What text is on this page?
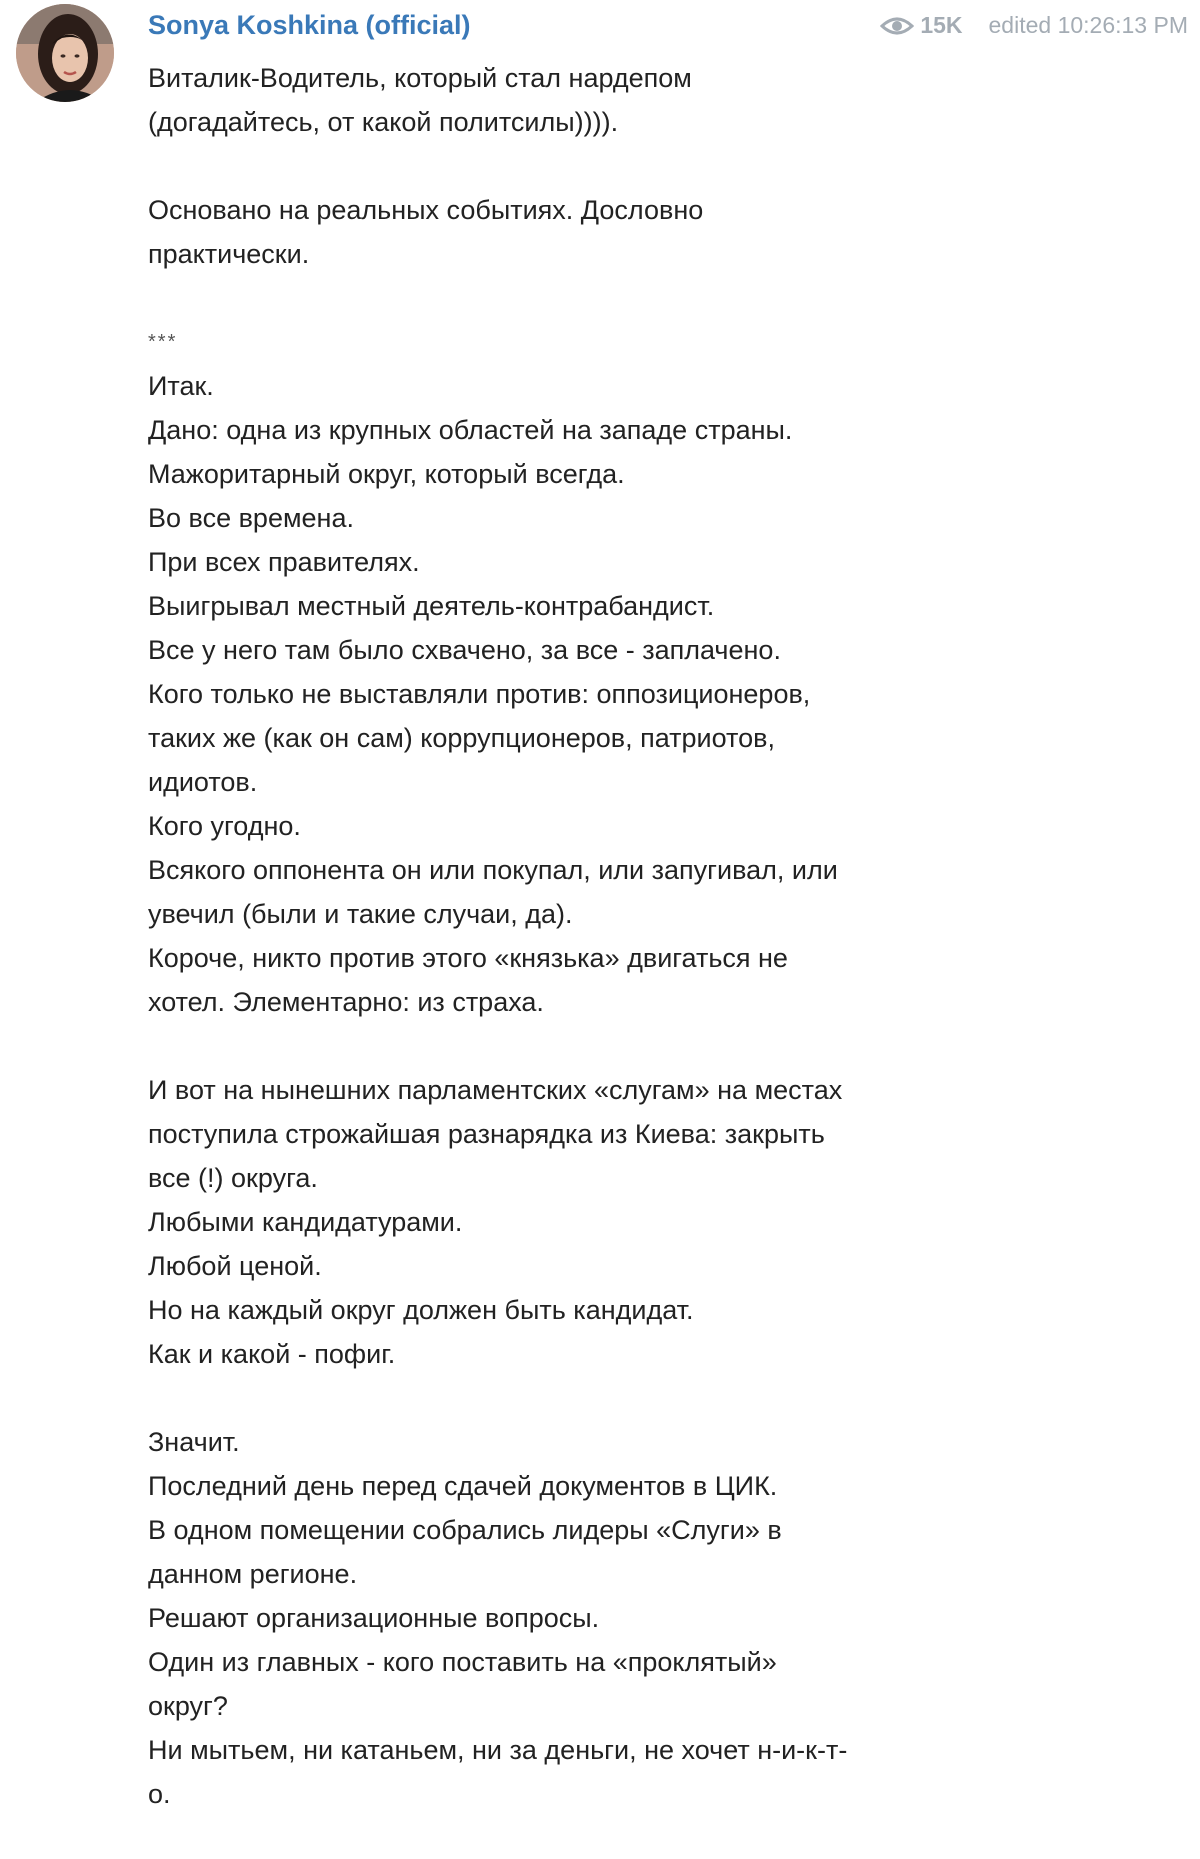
Sonya Koshkina (official)	15K edited 10:26:13 PM
Виталик-Водитель, который стал нардепом
(догадайтесь, от какой политсилы)))).
Основано на реальных событиях. Дословно
практически.
***
Итак.
Дано: одна из крупных областей на западе страны.
Мажоритарный округ, который всегда.
Во все времена.
При всех правителях.
Выигрывал местный деятель-контрабандист.
Все у него там было схвачено, за все - заплачено.
Кого только не выставляли против: оппозиционеров,
таких же (как он сам) коррупционеров, патриотов,
идиотов.
Кого угодно.
Всякого оппонента он или покупал, или запугивал, или
увечил (были и такие случаи, да).
Короче, никто против этого «князька» двигаться не
хотел. Элементарно: из страха.
И вот на нынешних парламентских «слугам» на местах
поступила строжайшая разнарядка из Киева: закрыть
все (!) округа.
Любыми кандидатурами.
Любой ценой.
Но на каждый округ должен быть кандидат.
Как и какой - пофиг.
Значит.
Последний день перед сдачей документов в ЦИК.
В одном помещении собрались лидеры «Слуги» в
данном регионе.
Решают организационные вопросы.
Один из главных - кого поставить на «проклятый»
округ?
Ни мытьем, ни катаньем, ни за деньги, не хочет н-и-к-т-
о.
